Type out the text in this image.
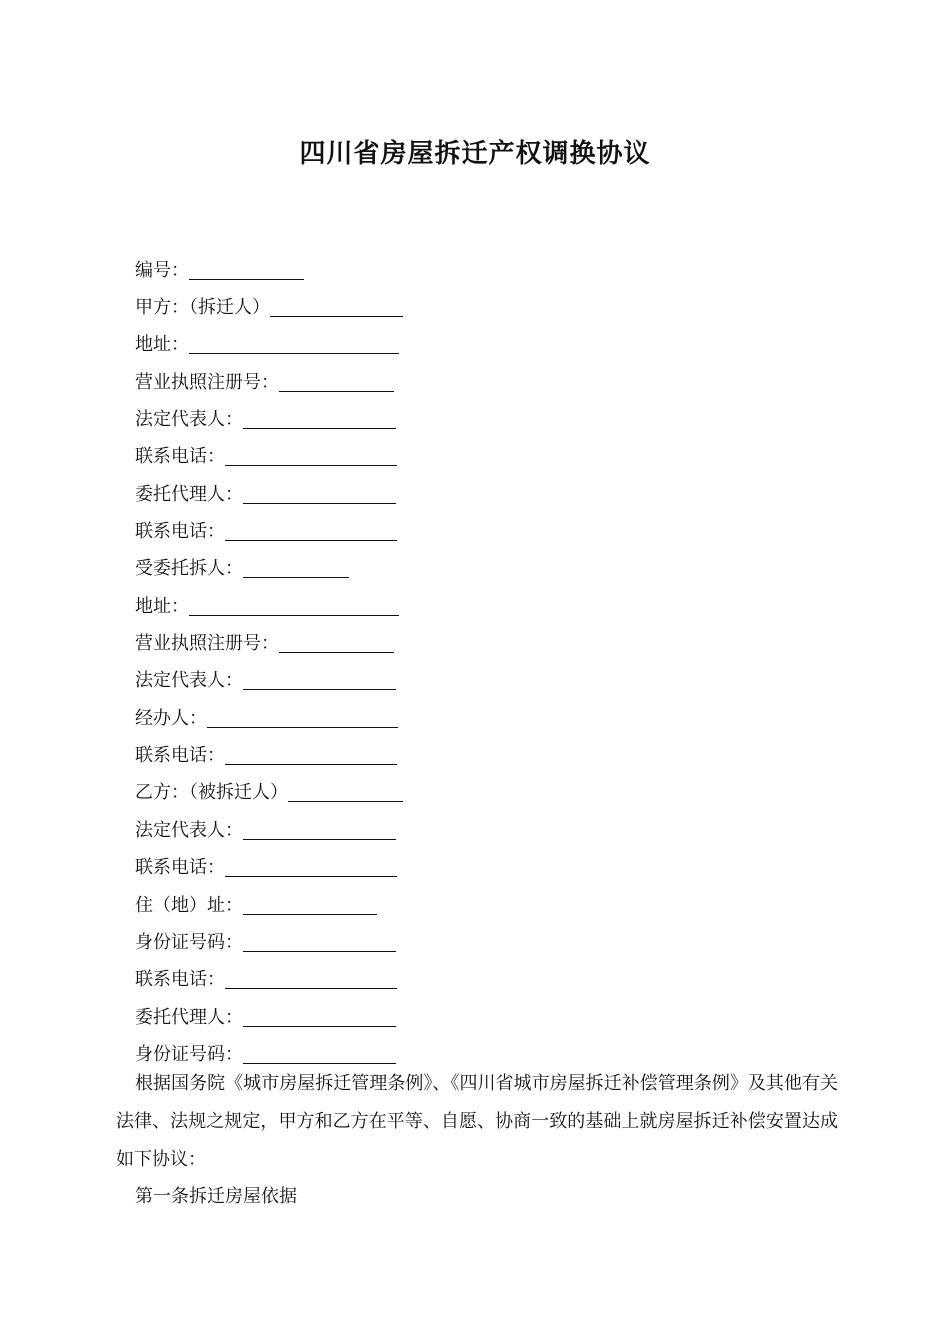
四川省房屋拆迁产权调换协议
编号：
甲方：（拆迁人）
地址：
营业执照注册号：
法定代表人：
联系电话：
委托代理人：
联系电话：
受委托拆人：
地址：
营业执照注册号：
法定代表人：
经办人：
联系电话：
乙方：（被拆迁人）
法定代表人：
联系电话：
住（地）址：
身份证号码：
联系电话：
委托代理人：
身份证号码：
根据国务院《城市房屋拆迁管理条例》、《四川省城市房屋拆迁补偿管理条例》及其他有关法律、法规之规定，甲方和乙方在平等、自愿、协商一致的基础上就房屋拆迁补偿安置达成如下协议：
第一条拆迁房屋依据
